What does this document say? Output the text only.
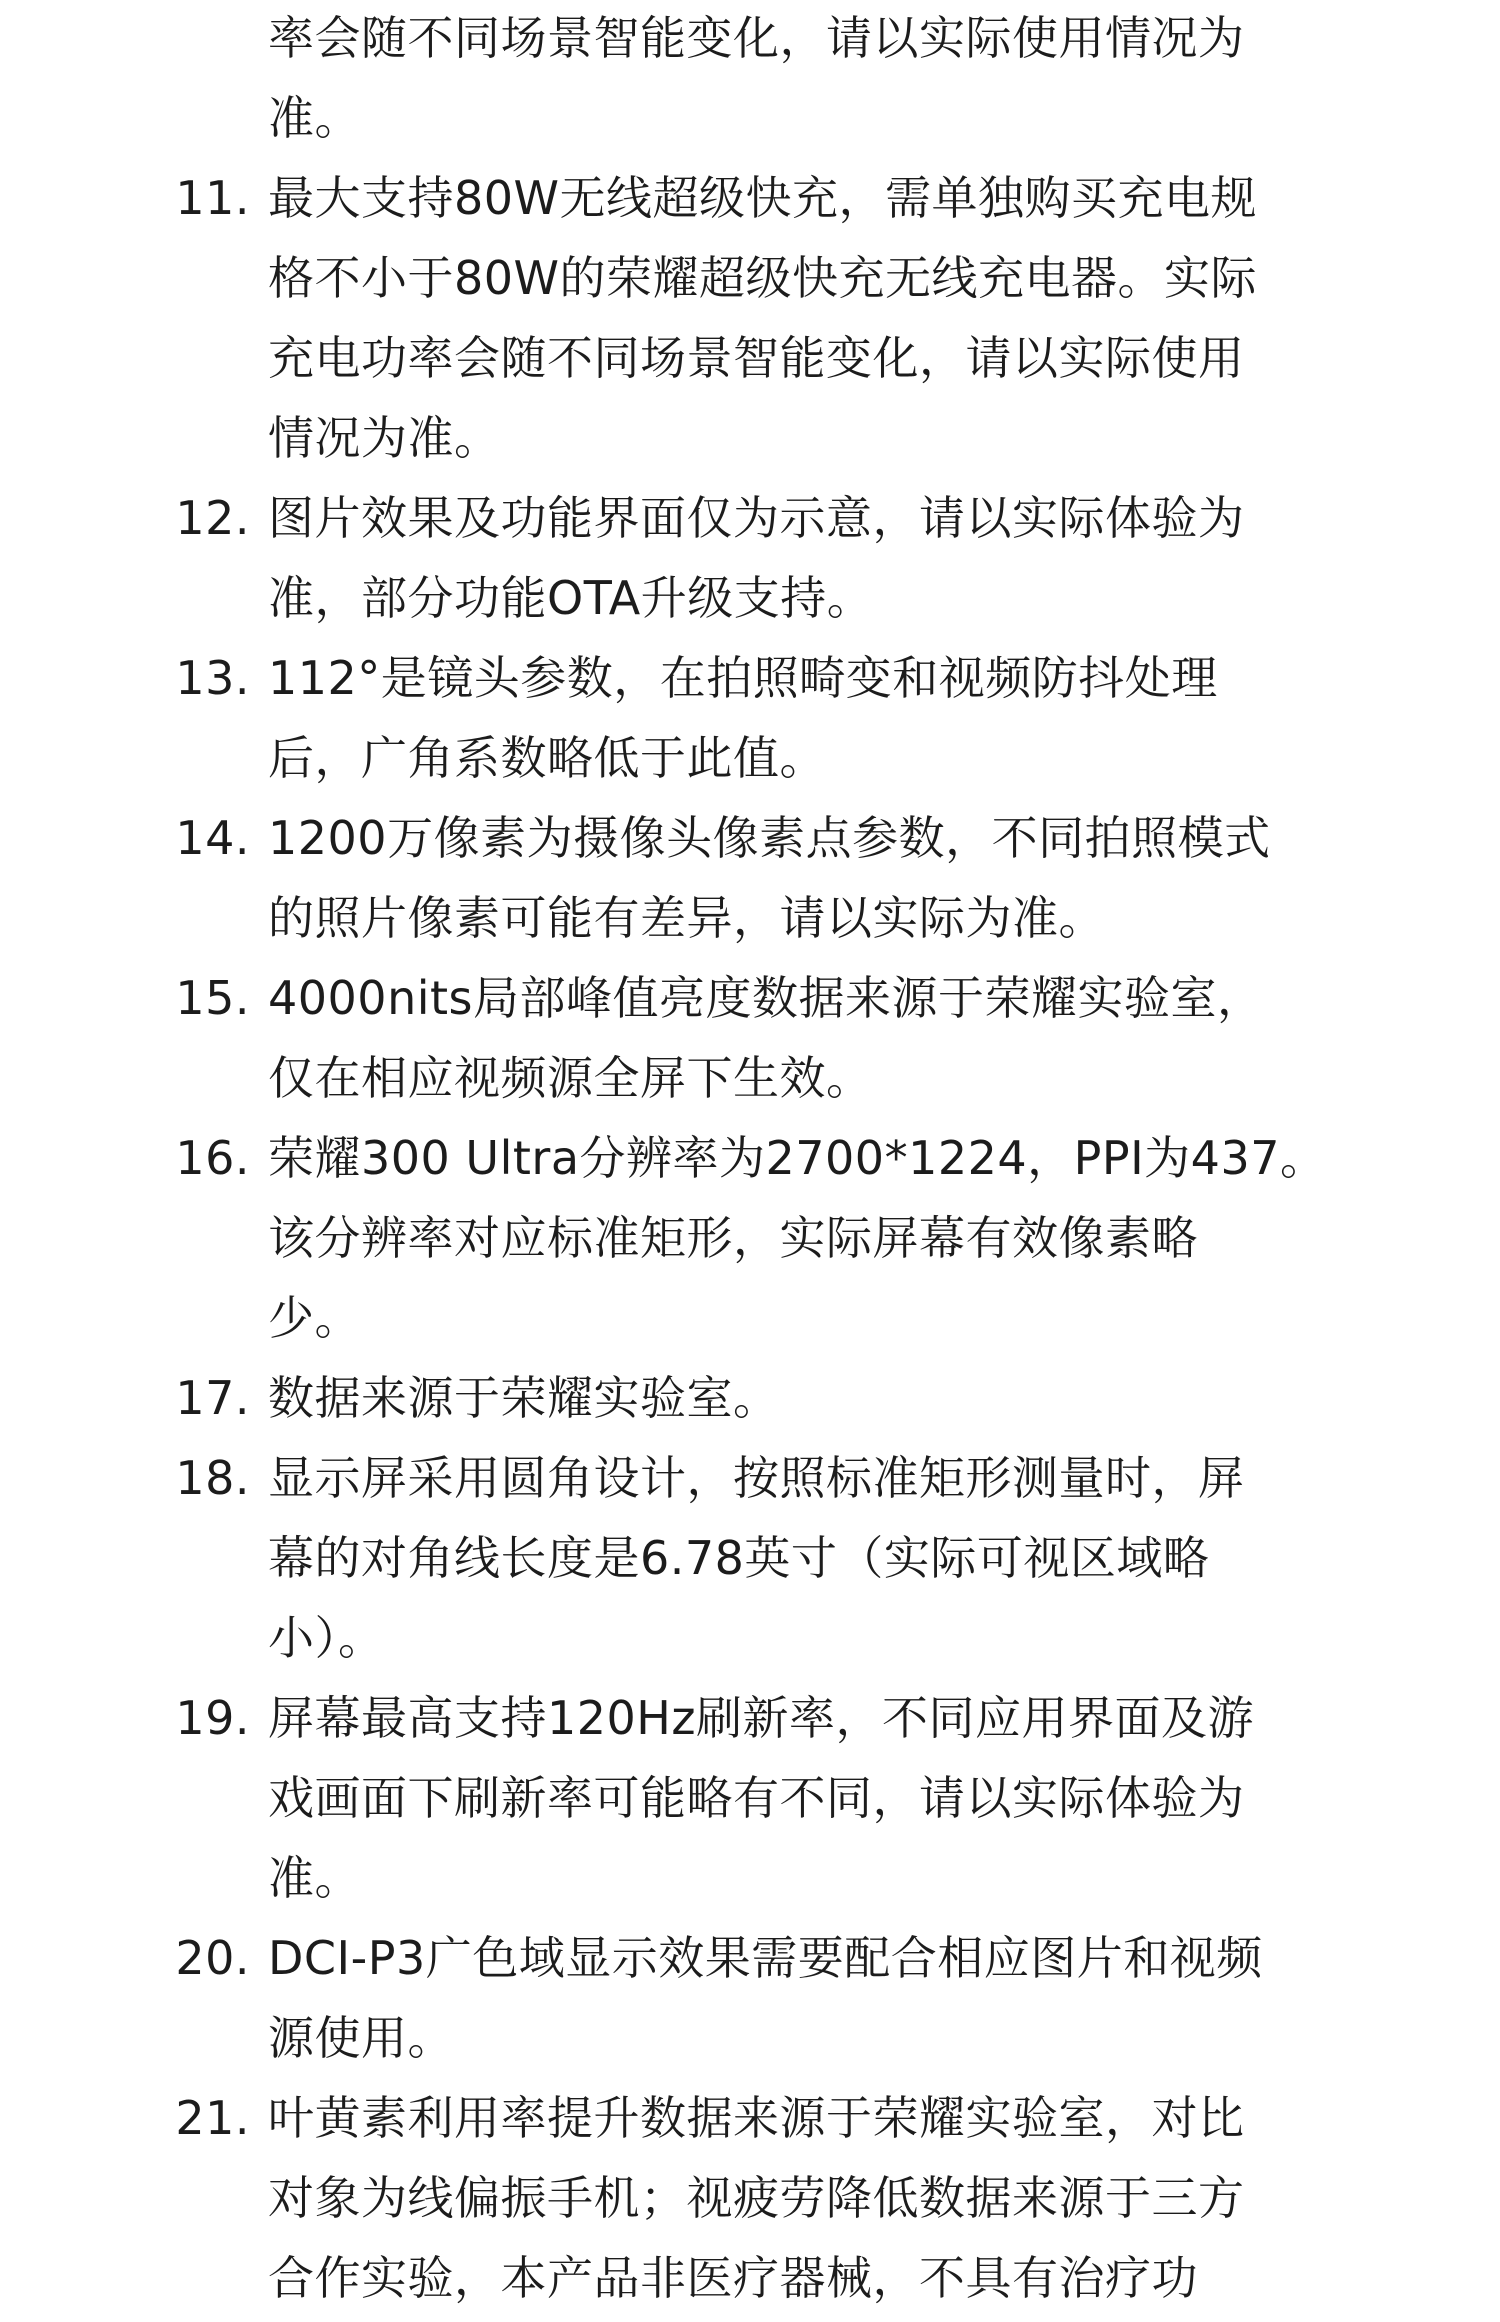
率会随不同场景智能变化，请以实际使用情况为
准。
11. 最大支持80W无线超级快充，需单独购买充电规
格不小于80W的荣耀超级快充无线充电器。实际
充电功率会随不同场景智能变化，请以实际使用
情况为准。
12. 图片效果及功能界面仅为示意，请以实际体验为
准，部分功能OTA升级支持。
13. 112°是镜头参数，在拍照畸变和视频防抖处理
后，广角系数略低于此值。
14. 1200万像素为摄像头像素点参数，不同拍照模式
的照片像素可能有差异，请以实际为准。
15. 4000nits局部峰值亮度数据来源于荣耀实验室，
仅在相应视频源全屏下生效。
16. 荣耀300 Ultra分辨率为2700*1224，PPI为437。
该分辨率对应标准矩形，实际屏幕有效像素略
少。
17. 数据来源于荣耀实验室。
18. 显示屏采用圆角设计，按照标准矩形测量时，屏
幕的对角线长度是6.78英寸（实际可视区域略
小）。
19. 屏幕最高支持120Hz刷新率，不同应用界面及游
戏画面下刷新率可能略有不同，请以实际体验为
准。
20. DCI-P3广色域显示效果需要配合相应图片和视频
源使用。
21. 叶黄素利用率提升数据来源于荣耀实验室，对比
对象为线偏振手机；视疲劳降低数据来源于三方
合作实验，本产品非医疗器械，不具有治疗功
